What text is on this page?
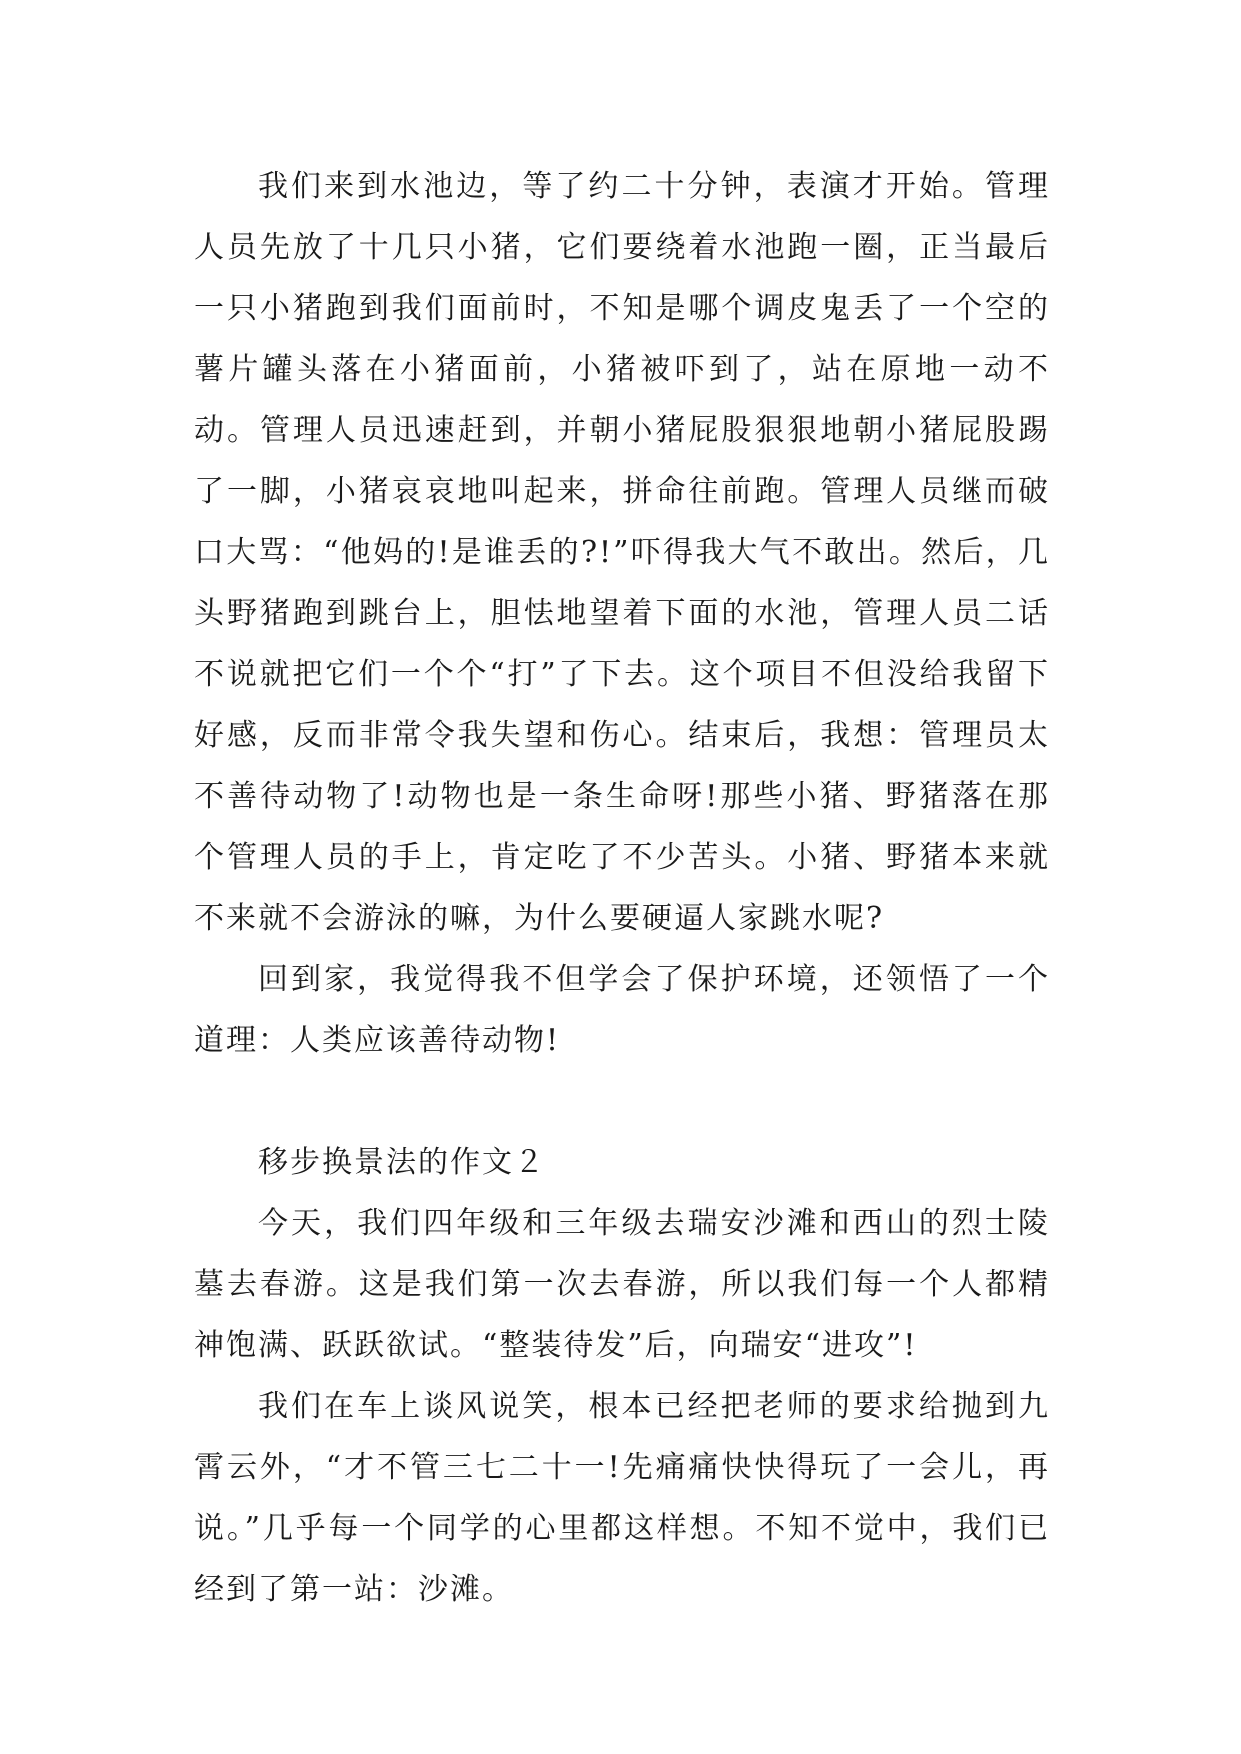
我们来到水池边，等了约二十分钟，表演才开始。管理人员先放了十几只小猪，它们要绕着水池跑一圈，正当最后一只小猪跑到我们面前时，不知是哪个调皮鬼丢了一个空的薯片罐头落在小猪面前，小猪被吓到了，站在原地一动不动。管理人员迅速赶到，并朝小猪屁股狠狠地朝小猪屁股踢了一脚，小猪哀哀地叫起来，拼命往前跑。管理人员继而破口大骂：“他妈的!是谁丢的?!”吓得我大气不敢出。然后，几头野猪跑到跳台上，胆怯地望着下面的水池，管理人员二话不说就把它们一个个“打”了下去。这个项目不但没给我留下好感，反而非常令我失望和伤心。结束后，我想：管理员太不善待动物了!动物也是一条生命呀!那些小猪、野猪落在那个管理人员的手上，肯定吃了不少苦头。小猪、野猪本来就不来就不会游泳的嘛，为什么要硬逼人家跳水呢?

回到家，我觉得我不但学会了保护环境，还领悟了一个道理：人类应该善待动物!

移步换景法的作文２

今天，我们四年级和三年级去瑞安沙滩和西山的烈士陵墓去春游。这是我们第一次去春游，所以我们每一个人都精神饱满、跃跃欲试。“整装待发”后，向瑞安“进攻”!

我们在车上谈风说笑，根本已经把老师的要求给抛到九霄云外，“才不管三七二十一!先痛痛快快得玩了一会儿，再说。”几乎每一个同学的心里都这样想。不知不觉中，我们已经到了第一站：沙滩。
